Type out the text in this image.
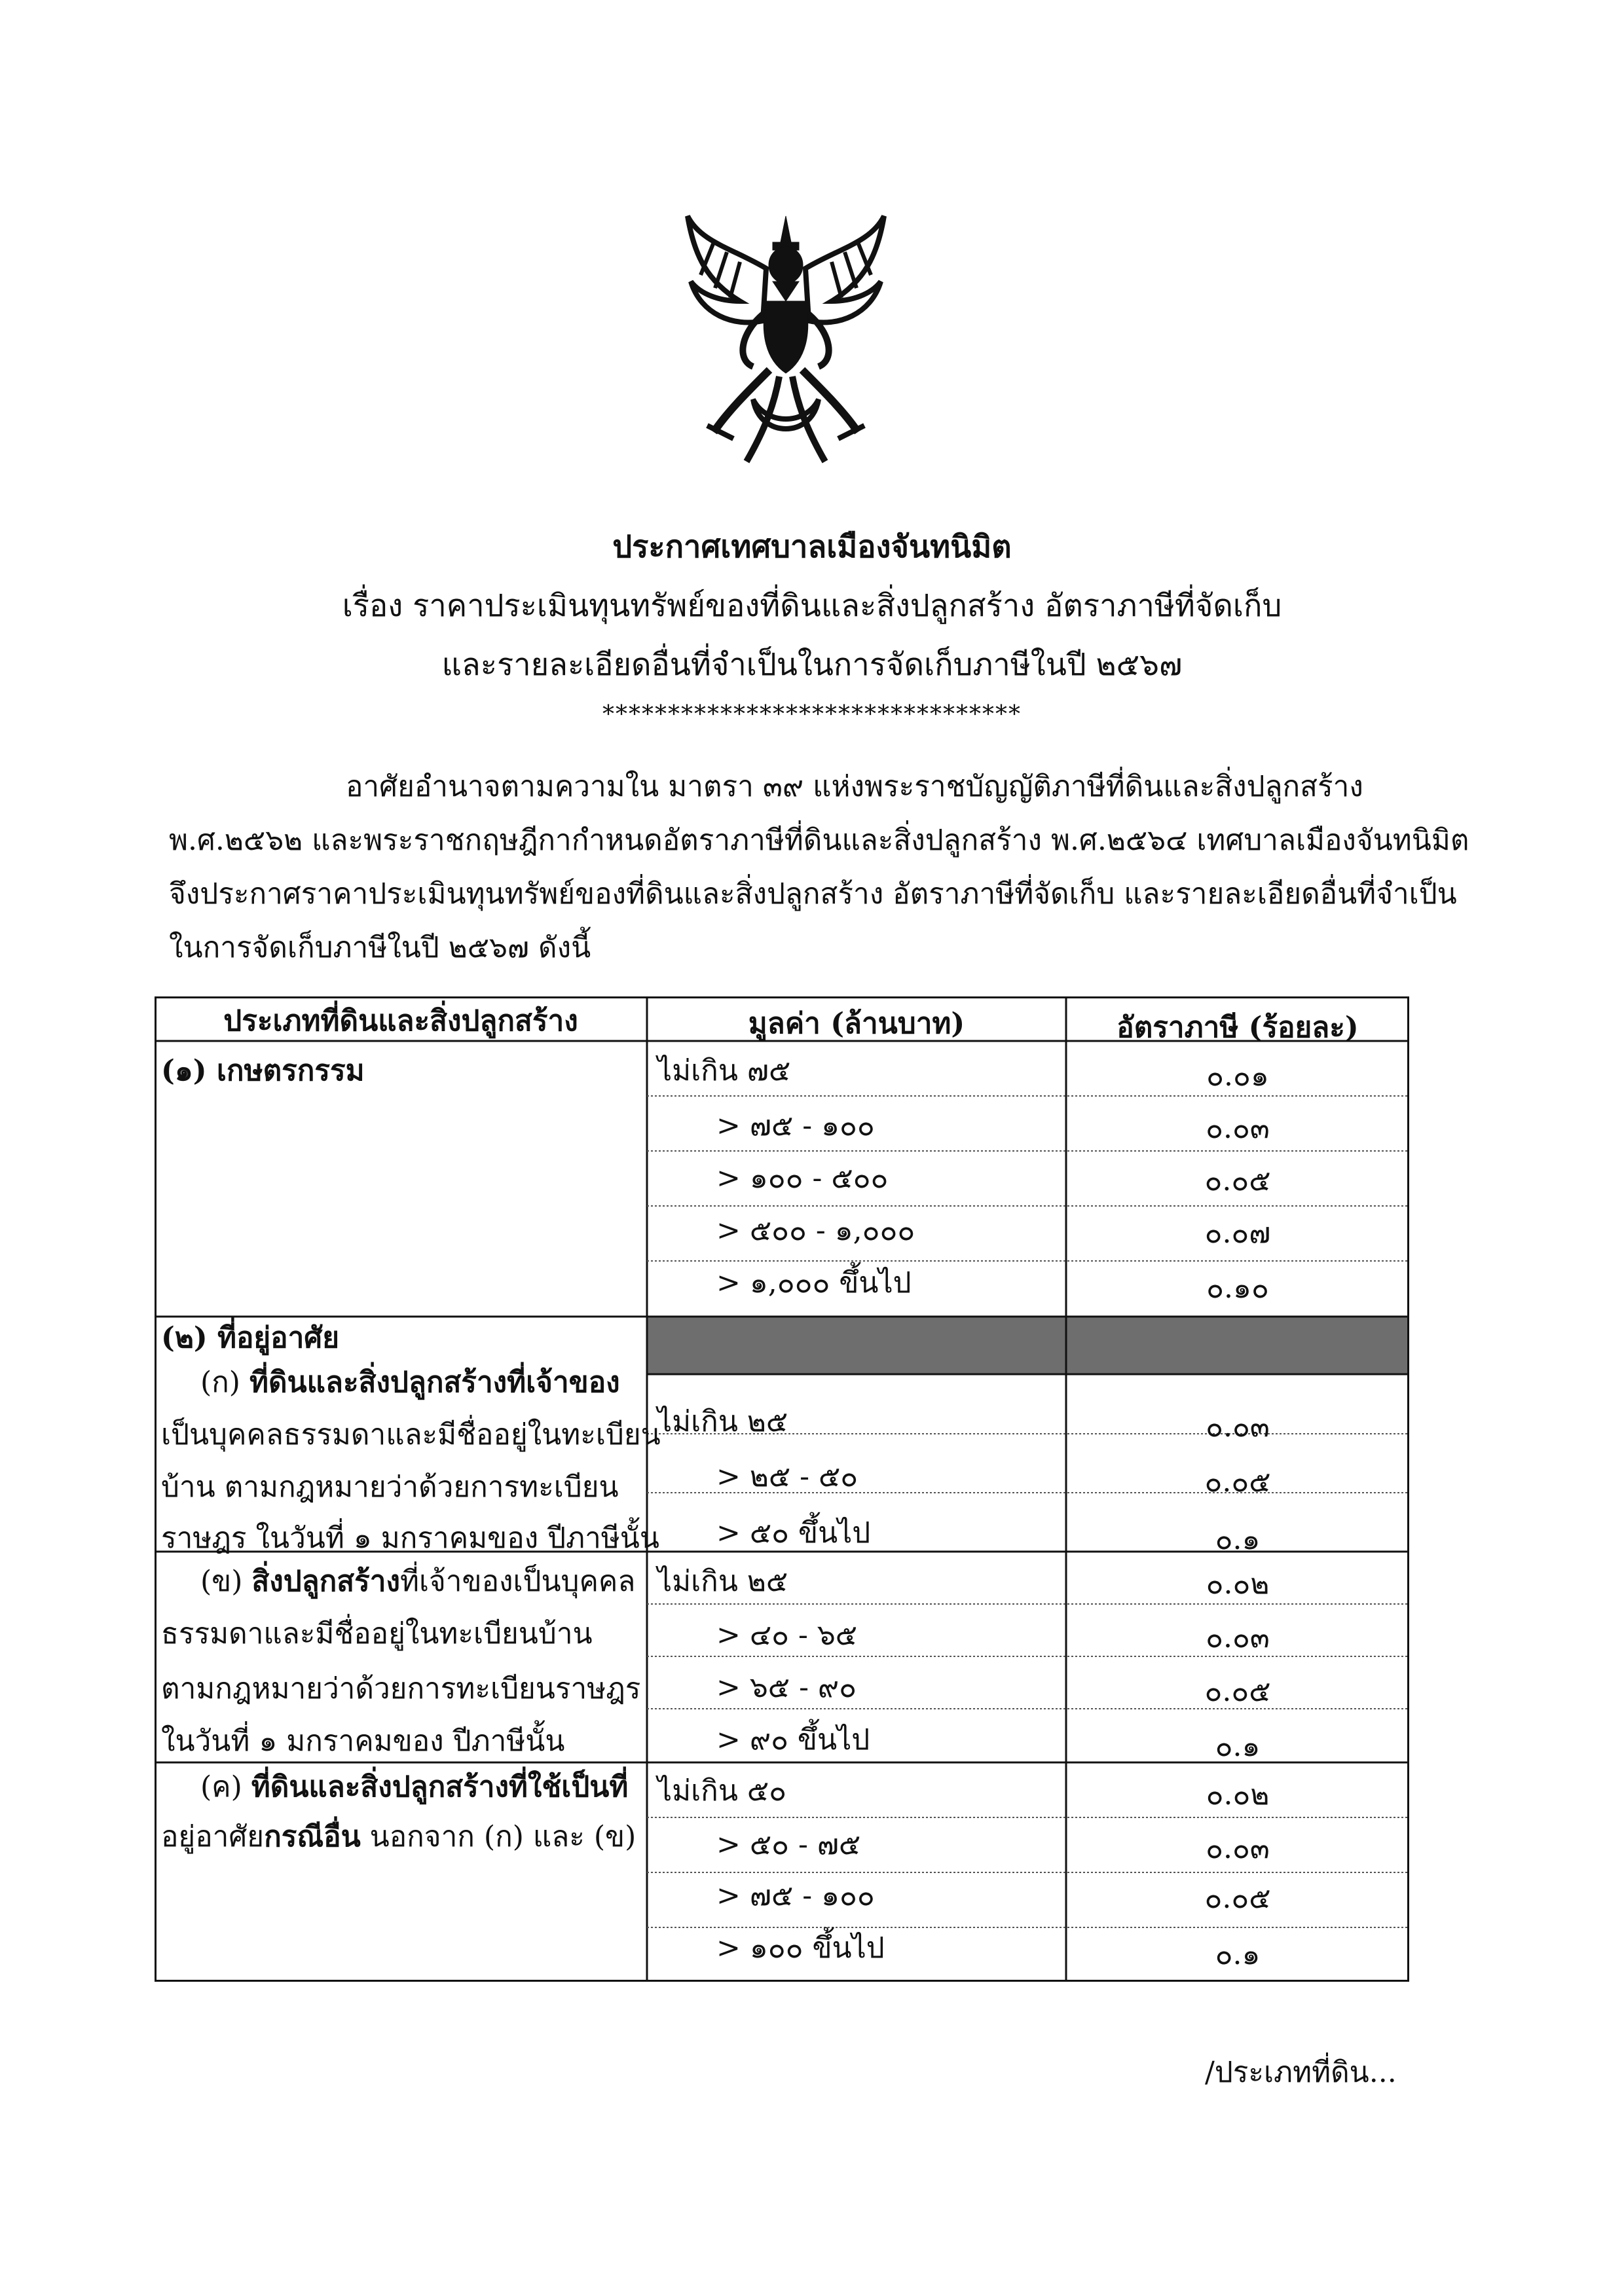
ประกาศเทศบาลเมืองจันทนิมิต
เรื่อง ราคาประเมินทุนทรัพย์ของที่ดินและสิ่งปลูกสร้าง อัตราภาษีที่จัดเก็บ
และรายละเอียดอื่นที่จำเป็นในการจัดเก็บภาษีในปี ๒๕๖๗
********************************
อาศัยอำนาจตามความใน มาตรา ๓๙ แห่งพระราชบัญญัติภาษีที่ดินและสิ่งปลูกสร้าง
พ.ศ.๒๕๖๒ และพระราชกฤษฎีกากำหนดอัตราภาษีที่ดินและสิ่งปลูกสร้าง พ.ศ.๒๕๖๔ เทศบาลเมืองจันทนิมิต
จึงประกาศราคาประเมินทุนทรัพย์ของที่ดินและสิ่งปลูกสร้าง อัตราภาษีที่จัดเก็บ และรายละเอียดอื่นที่จำเป็น
ในการจัดเก็บภาษีในปี ๒๕๖๗ ดังนี้
ประเภทที่ดินและสิ่งปลูกสร้าง	มูลค่า (ล้านบาท)	อัตราภาษี (ร้อยละ)
(๑) เกษตรกรรม	ไม่เกิน ๗๕	๐.๐๑
> ๗๕ - ๑๐๐	๐.๐๓
> ๑๐๐ - ๕๐๐	๐.๐๕
> ๕๐๐ - ๑,๐๐๐	๐.๐๗
> ๑,๐๐๐ ขึ้นไป	๐.๑๐
(๒) ที่อยู่อาศัย
(ก) ที่ดินและสิ่งปลูกสร้างที่เจ้าของ
เป็นบุคคลธรรมดาและมีชื่ออยู่ในทะเบียน
บ้าน ตามกฎหมายว่าด้วยการทะเบียน
ราษฎร ในวันที่ ๑ มกราคมของ ปีภาษีนั้น
ไม่เกิน ๒๕	๐.๐๓
> ๒๕ - ๕๐	๐.๐๕
> ๕๐ ขึ้นไป	๐.๑
(ข) สิ่งปลูกสร้างที่เจ้าของเป็นบุคคล
ธรรมดาและมีชื่ออยู่ในทะเบียนบ้าน
ตามกฎหมายว่าด้วยการทะเบียนราษฎร
ในวันที่ ๑ มกราคมของ ปีภาษีนั้น
ไม่เกิน ๒๕	๐.๐๒
> ๔๐ - ๖๕	๐.๐๓
> ๖๕ - ๙๐	๐.๐๕
> ๙๐ ขึ้นไป	๐.๑
(ค) ที่ดินและสิ่งปลูกสร้างที่ใช้เป็นที่
อยู่อาศัยกรณีอื่น นอกจาก (ก) และ (ข)
ไม่เกิน ๕๐	๐.๐๒
> ๕๐ - ๗๕	๐.๐๓
> ๗๕ - ๑๐๐	๐.๐๕
> ๑๐๐ ขึ้นไป	๐.๑
/ประเภทที่ดิน...
